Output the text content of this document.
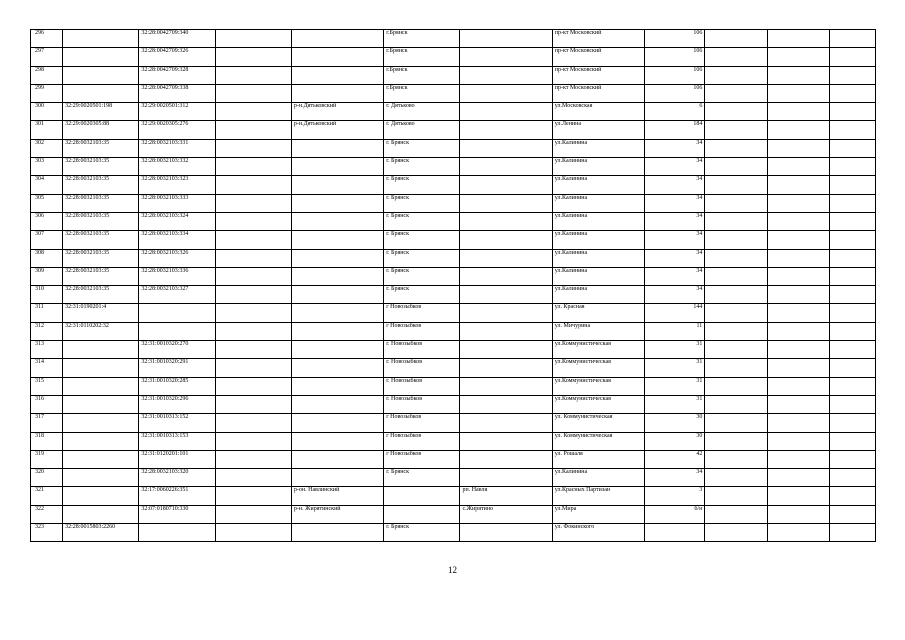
296		32:28:0042709:340			г.Брянск		пр-кт Московский	106			
297		32:28:0042709:326			г.Брянск		пр-кт Московский	106			
298		32:28:0042709:328			г.Брянск		пр-кт Московский	106			
299		32:28:0042709:338			г.Брянск		пр-кт Московский	106			
300	32:29:0020501:198	32:29:0020501:312		р-н.Дятьковский	г. Дятьково		ул.Московская	6			
301	32:29:0020305:88	32:29:0020305:276		р-н.Дятьковский	г. Дятьково		ул.Ленина	184			
302	32:28:0032103:35	32:28:0032103:331			г. Брянск		ул.Калинина	34			
303	32:28:0032103:35	32:28:0032103:332			г. Брянск		ул.Калинина	34			
304	32:28:0032103:35	32:28:0032103:323			г. Брянск		ул.Калинина	34			
305	32:28:0032103:35	32:28:0032103:333			г. Брянск		ул.Калинина	34			
306	32:28:0032103:35	32:28:0032103:324			г. Брянск		ул.Калинина	34			
307	32:28:0032103:35	32:28:0032103:334			г. Брянск		ул.Калинина	34			
308	32:28:0032103:35	32:28:0032103:326			г. Брянск		ул.Калинина	34			
309	32:28:0032103:35	32:28:0032103:336			г. Брянск		ул.Калинина	34			
310	32:28:0032103:35	32:28:0032103:327			г. Брянск		ул.Калинина	34			
311	32:31:0190201:4				г Новозыбков		ул. Красная	144			
312	32:31:0110202:32				г Новозыбков		ул. Мичурина	11			
313		32:31:0010320:270			г. Новозыбков		ул.Коммунистическая	31			
314		32:31:0010320:291			г. Новозыбков		ул.Коммунистическая	31			
315		32:31:0010320:285			г. Новозыбков		ул.Коммунистическая	31			
316		32:31:0010320:296			г. Новозыбков		ул.Коммунистическая	31			
317		32:31:0010313:152			г Новозыбков		ул. Коммунистическая	30			
318		32:31:0010313:153			г Новозыбков		ул. Коммунистическая	30			
319		32:31:0120201:101			г Новозыбков		ул. Рошаля	42			
320		32:28:0032103:320			г. Брянск		ул.Калинина	34			
321		32:17:0060226:351		р-он. Навлинский		рп. Навля	ул.Красных Партизан	3			
322		32:07:0180710:330		р-н. Жирятинский		с.Жирятино	ул.Мира	б/н			
323	32:28:0015803:2260				г. Брянск		ул. Фокинского				
12
